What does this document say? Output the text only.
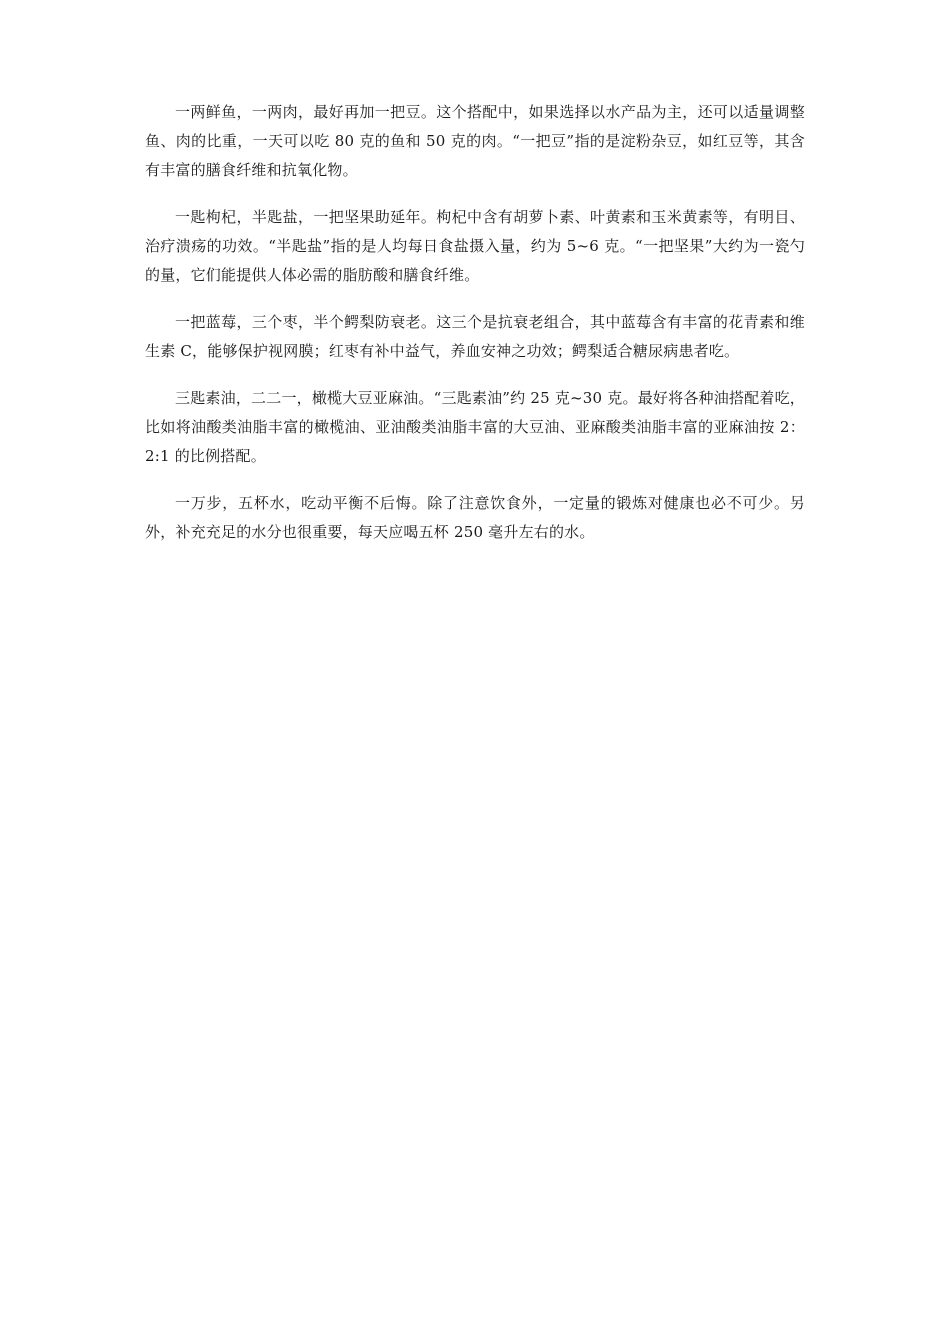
一两鲜鱼，一两肉，最好再加一把豆。这个搭配中，如果选择以水产品为主，还可以适量调整鱼、肉的比重，一天可以吃 80 克的鱼和 50 克的肉。“一把豆”指的是淀粉杂豆，如红豆等，其含有丰富的膳食纤维和抗氧化物。

一匙枸杞，半匙盐，一把坚果助延年。枸杞中含有胡萝卜素、叶黄素和玉米黄素等，有明目、治疗溃疡的功效。“半匙盐”指的是人均每日食盐摄入量，约为 5~6 克。“一把坚果”大约为一瓷勺的量，它们能提供人体必需的脂肪酸和膳食纤维。

一把蓝莓，三个枣，半个鳄梨防衰老。这三个是抗衰老组合，其中蓝莓含有丰富的花青素和维生素 C，能够保护视网膜；红枣有补中益气，养血安神之功效；鳄梨适合糖尿病患者吃。

三匙素油，二二一，橄榄大豆亚麻油。“三匙素油”约 25 克~30 克。最好将各种油搭配着吃，比如将油酸类油脂丰富的橄榄油、亚油酸类油脂丰富的大豆油、亚麻酸类油脂丰富的亚麻油按 2：2:1 的比例搭配。

一万步，五杯水，吃动平衡不后悔。除了注意饮食外，一定量的锻炼对健康也必不可少。另外，补充充足的水分也很重要，每天应喝五杯 250 毫升左右的水。
